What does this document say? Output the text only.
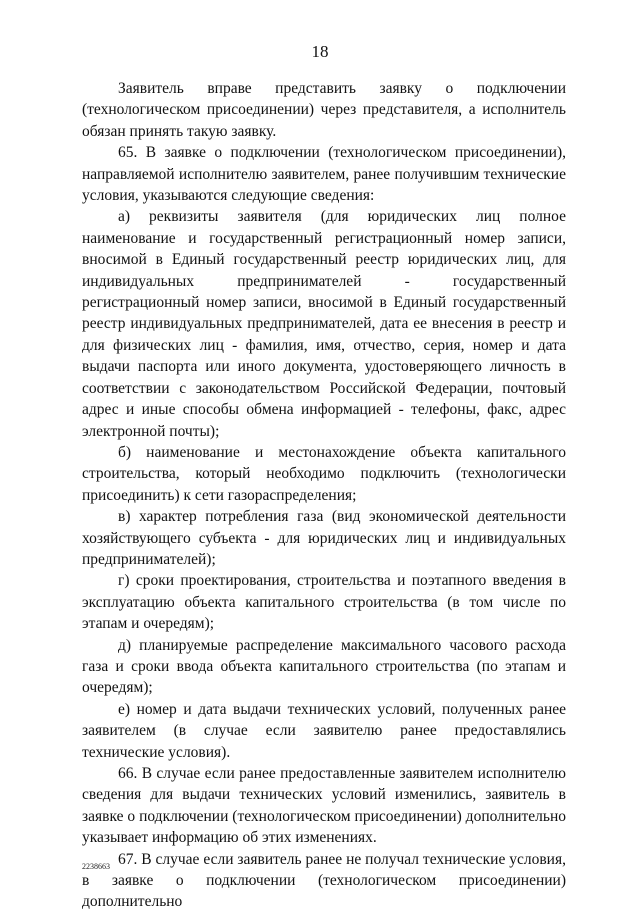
18

Заявитель вправе представить заявку о подключении (технологическом присоединении) через представителя, а исполнитель обязан принять такую заявку.

65. В заявке о подключении (технологическом присоединении), направляемой исполнителю заявителем, ранее получившим технические условия, указываются следующие сведения:

а) реквизиты заявителя (для юридических лиц полное наименование и государственный регистрационный номер записи, вносимой в Единый государственный реестр юридических лиц, для индивидуальных предпринимателей - государственный регистрационный номер записи, вносимой в Единый государственный реестр индивидуальных предпринимателей, дата ее внесения в реестр и для физических лиц - фамилия, имя, отчество, серия, номер и дата выдачи паспорта или иного документа, удостоверяющего личность в соответствии с законодательством Российской Федерации, почтовый адрес и иные способы обмена информацией - телефоны, факс, адрес электронной почты);

б) наименование и местонахождение объекта капитального строительства, который необходимо подключить (технологически присоединить) к сети газораспределения;

в) характер потребления газа (вид экономической деятельности хозяйствующего субъекта - для юридических лиц и индивидуальных предпринимателей);

г) сроки проектирования, строительства и поэтапного введения в эксплуатацию объекта капитального строительства (в том числе по этапам и очередям);

д) планируемые распределение максимального часового расхода газа и сроки ввода объекта капитального строительства (по этапам и очередям);

е) номер и дата выдачи технических условий, полученных ранее заявителем (в случае если заявителю ранее предоставлялись технические условия).

66. В случае если ранее предоставленные заявителем исполнителю сведения для выдачи технических условий изменились, заявитель в заявке о подключении (технологическом присоединении) дополнительно указывает информацию об этих изменениях.

67. В случае если заявитель ранее не получал технические условия, в заявке о подключении (технологическом присоединении) дополнительно

2238663
